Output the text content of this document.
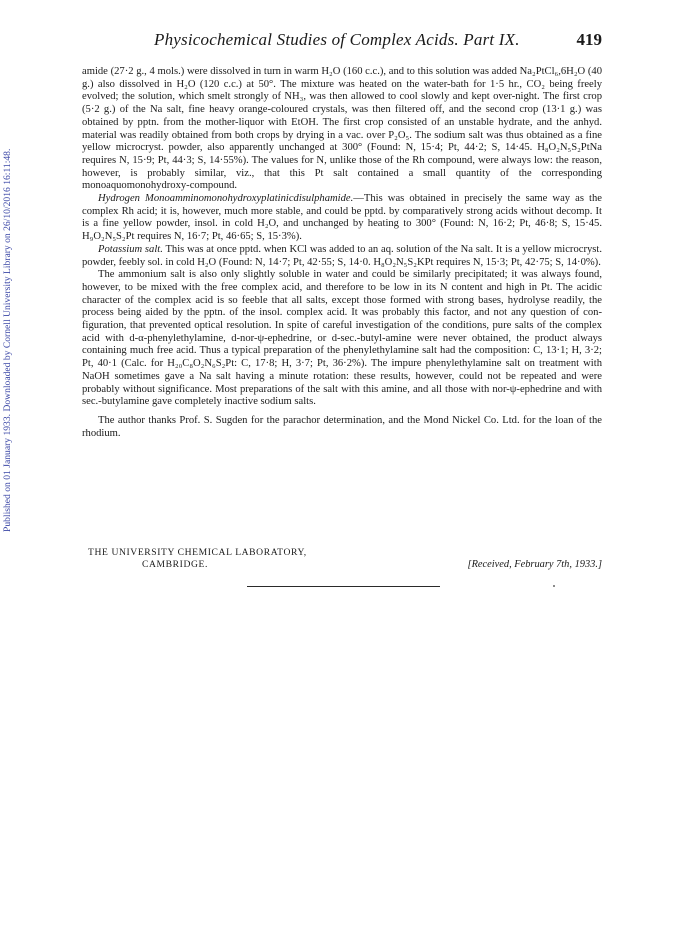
Published on 01 January 1933. Downloaded by Cornell University Library on 26/10/2016 16:11:48.
Physicochemical Studies of Complex Acids. Part IX.	419

amide (27·2 g., 4 mols.) were dissolved in turn in warm H₂O (160 c.c.), and to this solution was added Na₂PtCl₆,6H₂O (40 g.) also dissolved in H₂O (120 c.c.) at 50°. The mixture was heated on the water-bath for 1·5 hr., CO₂ being freely evolved; the solution, which smelt strongly of NH₃, was then allowed to cool slowly and kept over-night. The first crop (5·2 g.) of the Na salt, fine heavy orange-coloured crystals, was then filtered off, and the second crop (13·1 g.) was obtained by pptn. from the mother-liquor with EtOH. The first crop consisted of an unstable hydrate, and the anhyd. material was readily obtained from both crops by drying in a vac. over P₂O₅. The sodium salt was thus obtained as a fine yellow microcryst. powder, also apparently unchanged at 300° (Found: N, 15·4; Pt, 44·2; S, 14·45. H₈O₂N₅S₂PtNa requires N, 15·9; Pt, 44·3; S, 14·55%). The values for N, unlike those of the Rh compound, were always low: the reason, however, is probably similar, viz., that this Pt salt contained a small quantity of the corresponding monoaquomonohydroxy-compound.

Hydrogen Monoamminomonohydroxyplatinicdisulphamide.—This was obtained in precisely the same way as the complex Rh acid; it is, however, much more stable, and could be pptd. by comparatively strong acids without decomp. It is a fine yellow powder, insol. in cold H₂O, and unchanged by heating to 300° (Found: N, 16·2; Pt, 46·8; S, 15·45. H₉O₂N₅S₂Pt requires N, 16·7; Pt, 46·65; S, 15·3%).

Potassium salt. This was at once pptd. when KCl was added to an aq. solution of the Na salt. It is a yellow microcryst. powder, feebly sol. in cold H₂O (Found: N, 14·7; Pt, 42·55; S, 14·0. H₈O₂N₅S₂KPt requires N, 15·3; Pt, 42·75; S, 14·0%).

The ammonium salt is also only slightly soluble in water and could be similarly precipitated; it was always found, however, to be mixed with the free complex acid, and therefore to be low in its N content and high in Pt. The acidic character of the complex acid is so feeble that all salts, except those formed with strong bases, hydrolyse readily, the process being aided by the pptn. of the insol. complex acid. It was probably this factor, and not any question of con-figuration, that prevented optical resolution. In spite of careful investigation of the conditions, pure salts of the complex acid with d-α-phenylethylamine, d-nor-ψ-ephedrine, or d-sec.-butyl-amine were never obtained, the product always containing much free acid. Thus a typical preparation of the phenylethylamine salt had the composition: C, 13·1; H, 3·2; Pt, 40·1 (Calc. for H₂₀C₈O₂N₆S₂Pt: C, 17·8; H, 3·7; Pt, 36·2%). The impure phenylethylamine salt on treatment with NaOH sometimes gave a Na salt having a minute rotation: these results, however, could not be repeated and were probably without significance. Most preparations of the salt with this amine, and all those with nor-ψ-ephedrine and with sec.-butylamine gave completely inactive sodium salts.

The author thanks Prof. S. Sugden for the parachor determination, and the Mond Nickel Co. Ltd. for the loan of the rhodium.

THE UNIVERSITY CHEMICAL LABORATORY,
CAMBRIDGE.	[Received, February 7th, 1933.]
